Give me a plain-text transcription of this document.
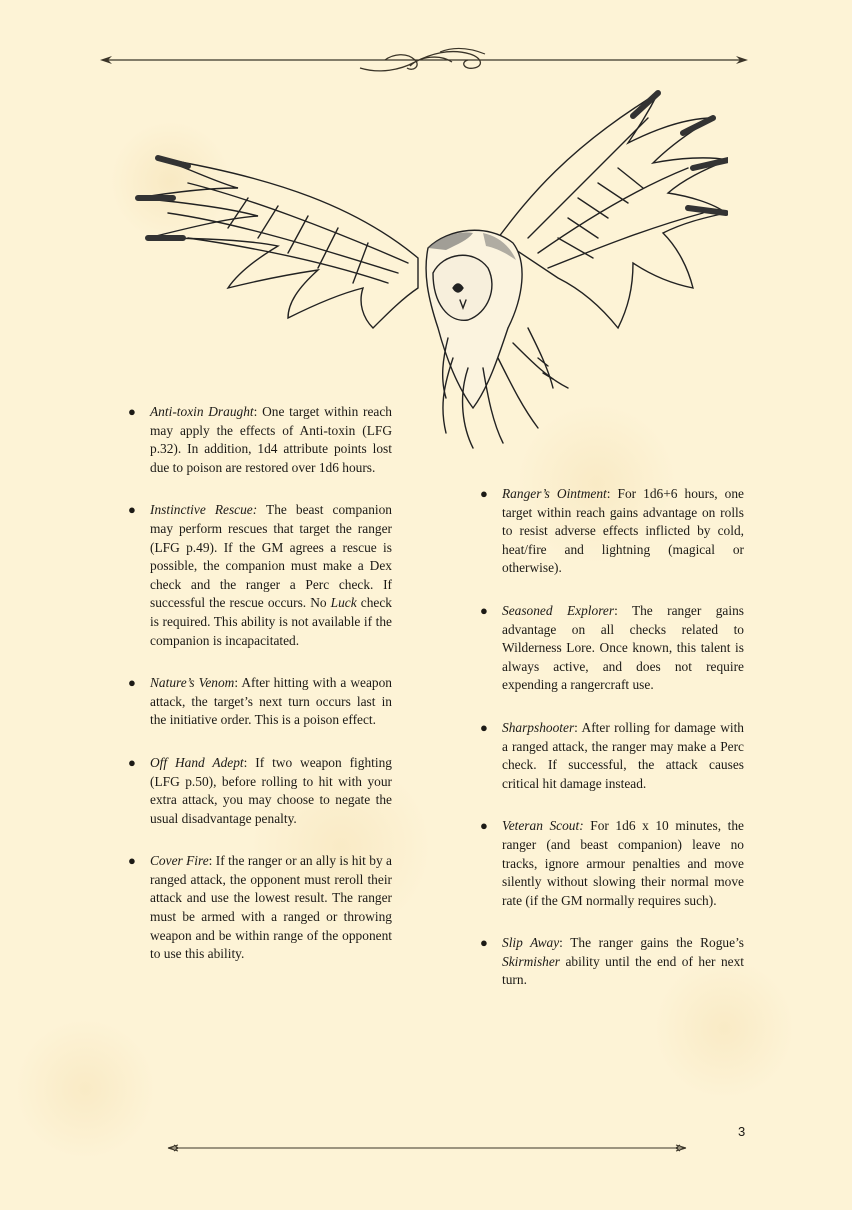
● Anti-toxin Draught: One target within reach may apply the effects of Anti-toxin (LFG p.32). In addition, 1d4 attribute points lost due to poison are restored over 1d6 hours.
● Instinctive Rescue: The beast companion may perform rescues that target the ranger (LFG p.49). If the GM agrees a rescue is possible, the companion must make a Dex check and the ranger a Perc check. If successful the rescue occurs. No Luck check is required. This ability is not available if the companion is incapacitated.
● Nature’s Venom: After hitting with a weapon attack, the target’s next turn occurs last in the initiative order. This is a poison effect.
● Off Hand Adept: If two weapon fighting (LFG p.50), before rolling to hit with your extra attack, you may choose to negate the usual disadvantage penalty.
● Cover Fire: If the ranger or an ally is hit by a ranged attack, the opponent must reroll their attack and use the lowest result. The ranger must be armed with a ranged or throwing weapon and be within range of the opponent to use this ability.
● Ranger’s Ointment: For 1d6+6 hours, one target within reach gains advantage on rolls to resist adverse effects inflicted by cold, heat/fire and lightning (magical or otherwise).
● Seasoned Explorer: The ranger gains advantage on all checks related to Wilderness Lore. Once known, this talent is always active, and does not require expending a rangercraft use.
● Sharpshooter: After rolling for damage with a ranged attack, the ranger may make a Perc check. If successful, the attack causes critical hit damage instead.
● Veteran Scout: For 1d6 x 10 minutes, the ranger (and beast companion) leave no tracks, ignore armour penalties and move silently without slowing their normal move rate (if the GM normally requires such).
● Slip Away: The ranger gains the Rogue’s Skirmisher ability until the end of her next turn.
3
